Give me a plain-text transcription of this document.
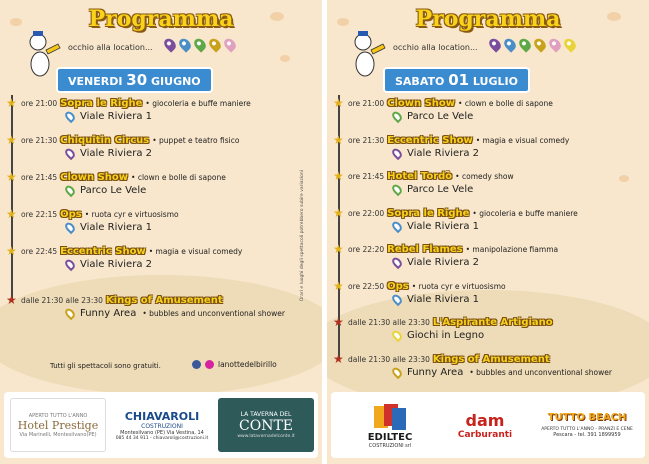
Programma
occhio alla location...
VENERDI 30 GIUGNO
★ ore 21:00 Sopra le Righe • giocoleria e buffe maniere
Viale Riviera 1
★ ore 21:30 Chiquitin Circus • puppet e teatro fisico
Viale Riviera 2
★ ore 21:45 Clown Show • clown e bolle di sapone
Parco Le Vele
★ ore 22:15 Ops • ruota cyr e virtuosismo
Viale Riviera 1
★ ore 22:45 Eccentric Show • magia e visual comedy
Viale Riviera 2
★ dalle 21:30 alle 23:30 Kings of Amusement
Funny Area • bubbles and unconventional shower
Orari e luoghi degli spettacoli potrebbero subire variazioni
Tutti gli spettacoli sono gratuiti.	lanottedelbirillo
APERTO TUTTO L'ANNO
Hotel Prestige
Via Marinelli, Montesilvano(PE)
CHIAVAROLI
COSTRUZIONI
Montesilvano (PE) Via Vestina, 14
085 44 34 911 - chiavaroli@costruzioni.it
LA TAVERNA DEL
CONTE
www.latavernadelconte.it
Programma
occhio alla location...
SABATO 01 LUGLIO
★ ore 21:00 Clown Show • clown e bolle di sapone
Parco Le Vele
★ ore 21:30 Eccentric Show • magia e visual comedy
Viale Riviera 2
★ ore 21:45 Hotel Tordò • comedy show
Parco Le Vele
★ ore 22:00 Sopra le Righe • giocoleria e buffe maniere
Viale Riviera 1
★ ore 22:20 Rebel Flames • manipolazione fiamma
Viale Riviera 2
★ ore 22:50 Ops • ruota cyr e virtuosismo
Viale Riviera 1
★ dalle 21:30 alle 23:30 L'Aspirante Artigiano
Giochi in Legno
★ dalle 21:30 alle 23:30 Kings of Amusement
Funny Area • bubbles and unconventional shower
EDILTEC
COSTRUZIONI srl
dam
Carburanti
TUTTO BEACH
APERTO TUTTO L'ANNO - PRANZI E CENE
Pescara - tel. 391 1899959
